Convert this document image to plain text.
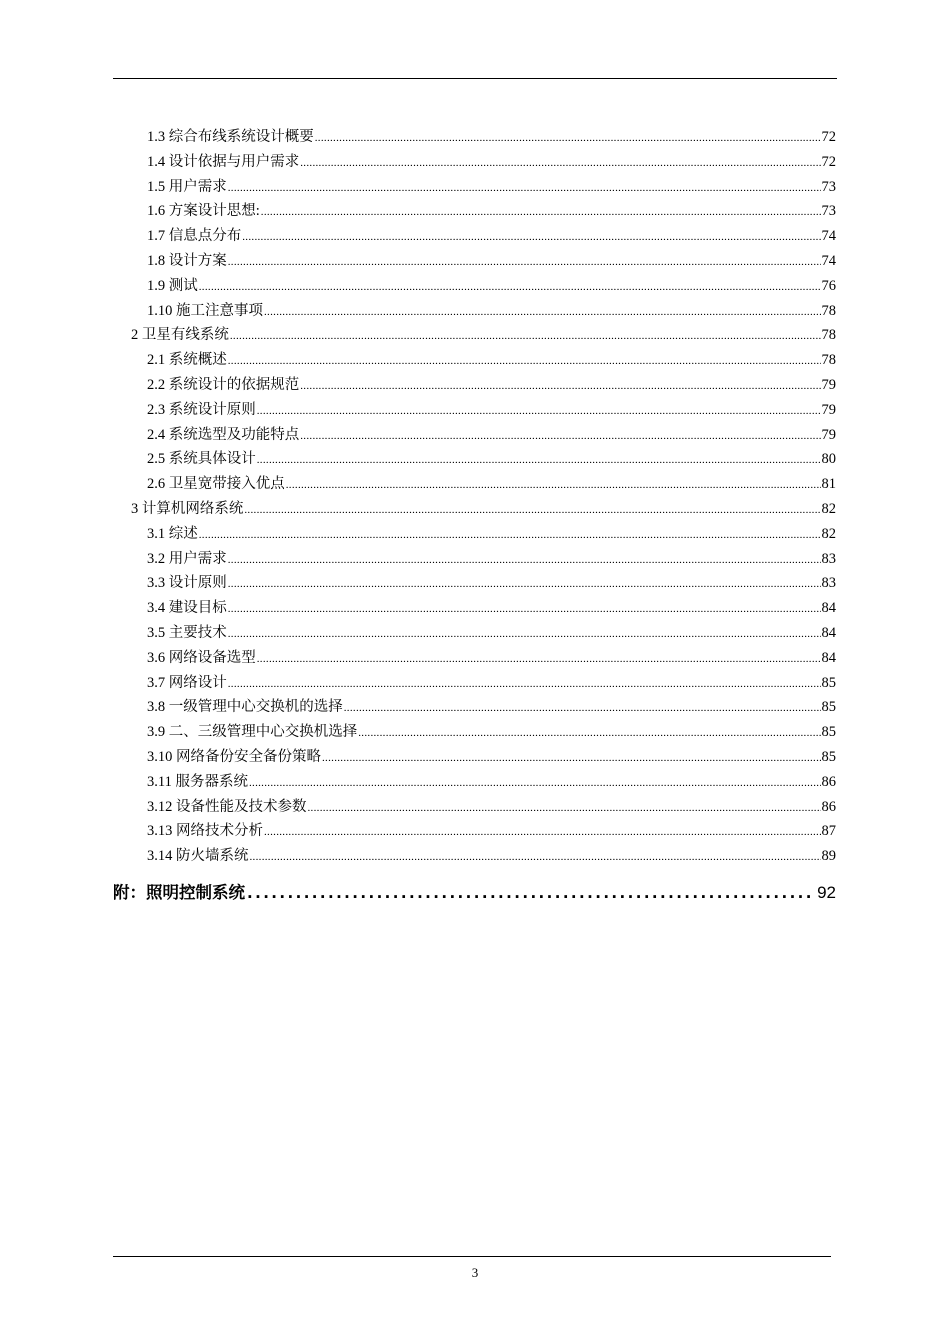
1.3 综合布线系统设计概要 .....	72
1.4 设计依据与用户需求 .....	72
1.5 用户需求 .....	73
1.6 方案设计思想: .....	73
1.7 信息点分布 .....	74
1.8 设计方案 .....	74
1.9 测试 .....	76
1.10 施工注意事项 .....	78
2 卫星有线系统 .....	78
2.1 系统概述 .....	78
2.2 系统设计的依据规范 .....	79
2.3 系统设计原则 .....	79
2.4 系统选型及功能特点 .....	79
2.5 系统具体设计 .....	80
2.6 卫星宽带接入优点 .....	81
3 计算机网络系统 .....	82
3.1 综述 .....	82
3.2 用户需求 .....	83
3.3 设计原则 .....	83
3.4 建设目标 .....	84
3.5 主要技术 .....	84
3.6 网络设备选型 .....	84
3.7 网络设计 .....	85
3.8 一级管理中心交换机的选择 .....	85
3.9 二、三级管理中心交换机选择 .....	85
3.10 网络备份安全备份策略 .....	85
3.11 服务器系统 .....	86
3.12 设备性能及技术参数 .....	86
3.13 网络技术分析 .....	87
3.14 防火墙系统 .....	89
附：照明控制系统 .....	92
3
